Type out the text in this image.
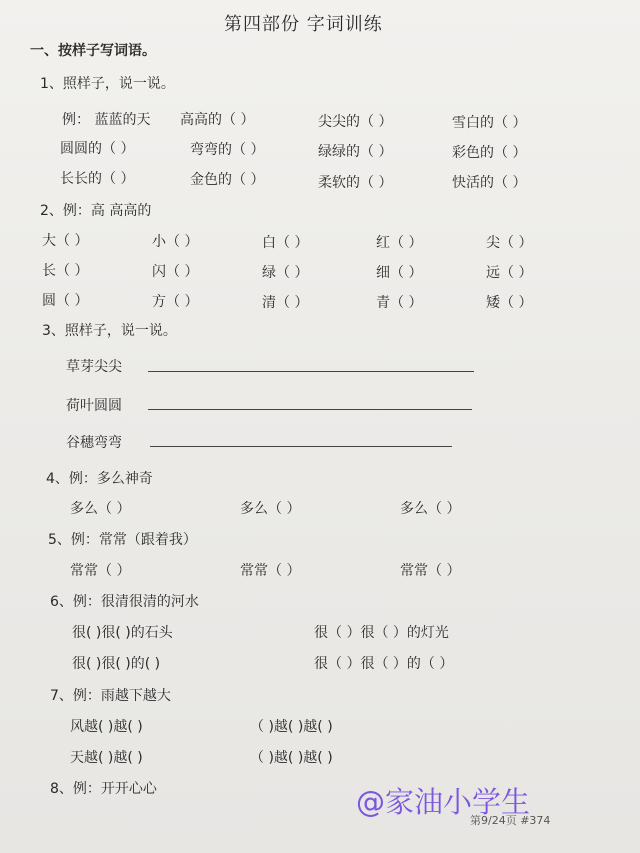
第四部份 字词训练
一、按样子写词语。
1、照样子，说一说。
例： 蓝蓝的天 高高的（ ）	尖尖的（ ）	雪白的（ ）
圆圆的（ ）	弯弯的（ ）	绿绿的（ ）	彩色的（ ）
长长的（ ）	金色的（ ）	柔软的（ ）	快活的（ ）
2、例：高 高高的
大（ ）	小（ ）	白（ ）	红（ ）	尖（ ）
长（ ）	闪（ ）	绿（ ）	细（ ）	远（ ）
圆（ ）	方（ ）	清（ ）	青（ ）	矮（ ）
3、照样子，说一说。
草芽尖尖
荷叶圆圆
谷穗弯弯
4、例：多么神奇
多么（ ）	多么（ ）	多么（ ）
5、例：常常（跟着我）
常常（ ）	常常（ ）	常常（ ）
6、例：很清很清的河水
很( )很( )的石头	很（ ）很（ ）的灯光
很( )很( )的( )	很（ ）很（ ）的（ ）
7、例：雨越下越大
风越( )越( )	（ )越( )越( )
天越( )越( )	（ )越( )越( )
8、例：开开心心
第9/24页 #374
@家油小学生
